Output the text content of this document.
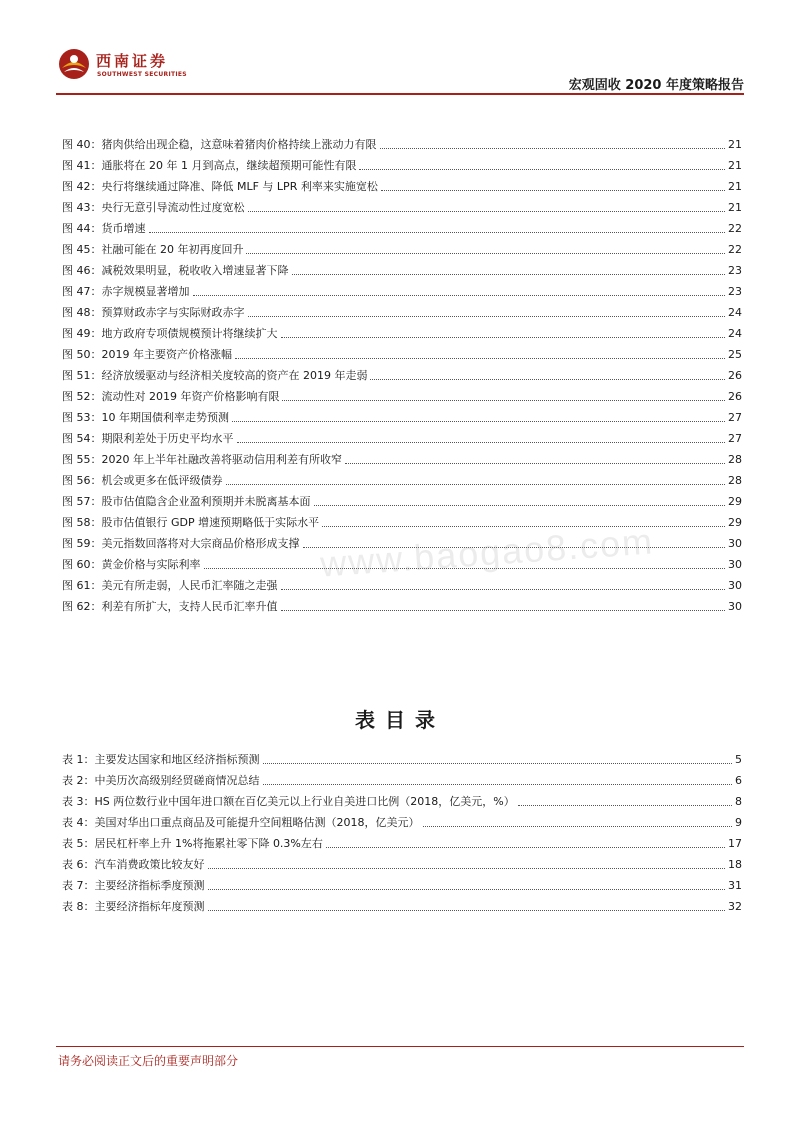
西南证券
SOUTHWEST SECURITIES
宏观固收 2020 年度策略报告
图 40：猪肉供给出现企稳，这意味着猪肉价格持续上涨动力有限	21
图 41：通胀将在 20 年 1 月到高点，继续超预期可能性有限	21
图 42：央行将继续通过降准、降低 MLF 与 LPR 利率来实施宽松	21
图 43：央行无意引导流动性过度宽松	21
图 44：货币增速	22
图 45：社融可能在 20 年初再度回升	22
图 46：减税效果明显，税收收入增速显著下降	23
图 47：赤字规模显著增加	23
图 48：预算财政赤字与实际财政赤字	24
图 49：地方政府专项债规模预计将继续扩大	24
图 50：2019 年主要资产价格涨幅	25
图 51：经济放缓驱动与经济相关度较高的资产在 2019 年走弱	26
图 52：流动性对 2019 年资产价格影响有限	26
图 53：10 年期国债利率走势预测	27
图 54：期限利差处于历史平均水平	27
图 55：2020 年上半年社融改善将驱动信用利差有所收窄	28
图 56：机会或更多在低评级债券	28
图 57：股市估值隐含企业盈利预期并未脱离基本面	29
图 58：股市估值银行 GDP 增速预期略低于实际水平	29
图 59：美元指数回落将对大宗商品价格形成支撑	30
图 60：黄金价格与实际利率	30
图 61：美元有所走弱，人民币汇率随之走强	30
图 62：利差有所扩大，支持人民币汇率升值	30
表目录
表 1：主要发达国家和地区经济指标预测	5
表 2：中美历次高级别经贸磋商情况总结	6
表 3：HS 两位数行业中国年进口额在百亿美元以上行业自美进口比例（2018，亿美元，%）	8
表 4：美国对华出口重点商品及可能提升空间粗略估测（2018，亿美元）	9
表 5：居民杠杆率上升 1%将拖累社零下降 0.3%左右	17
表 6：汽车消费政策比较友好	18
表 7：主要经济指标季度预测	31
表 8：主要经济指标年度预测	32
www.baogao8.com
请务必阅读正文后的重要声明部分
